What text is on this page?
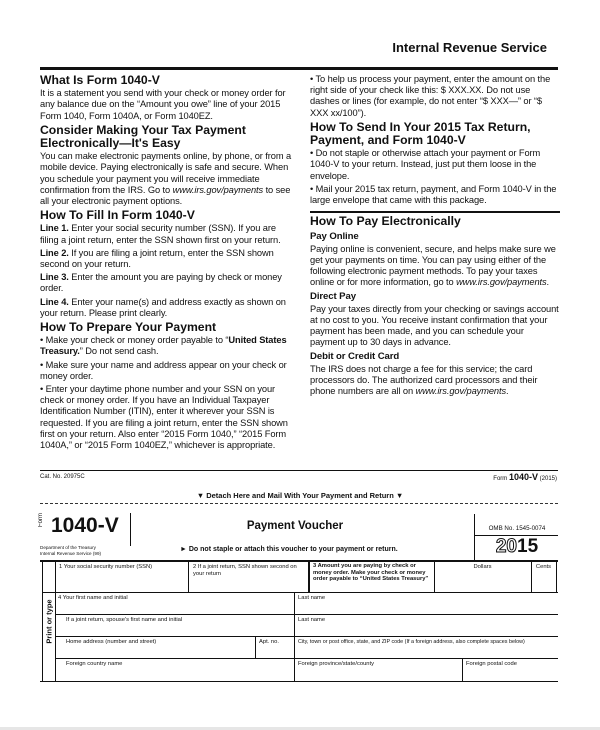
Internal Revenue Service
What Is Form 1040-V

It is a statement you send with your check or money order for any balance due on the “Amount you owe” line of your 2015 Form 1040, Form 1040A, or Form 1040EZ.

Consider Making Your Tax Payment Electronically—It's Easy

You can make electronic payments online, by phone, or from a mobile device. Paying electronically is safe and secure. When you schedule your payment you will receive immediate confirmation from the IRS. Go to www.irs.gov/payments to see all your electronic payment options.

How To Fill In Form 1040-V

Line 1. Enter your social security number (SSN). If you are filing a joint return, enter the SSN shown first on your return.

Line 2. If you are filing a joint return, enter the SSN shown second on your return.

Line 3. Enter the amount you are paying by check or money order.

Line 4. Enter your name(s) and address exactly as shown on your return. Please print clearly.

How To Prepare Your Payment

• Make your check or money order payable to “United States Treasury.” Do not send cash.

• Make sure your name and address appear on your check or money order.

• Enter your daytime phone number and your SSN on your check or money order. If you have an Individual Taxpayer Identification Number (ITIN), enter it wherever your SSN is requested. If you are filing a joint return, enter the SSN shown first on your return. Also enter “2015 Form 1040,” “2015 Form 1040A,” or “2015 Form 1040EZ,” whichever is appropriate.

• To help us process your payment, enter the amount on the right side of your check like this: $ XXX.XX. Do not use dashes or lines (for example, do not enter “$ XXX—” or “$ XXX xx/100”).

How To Send In Your 2015 Tax Return, Payment, and Form 1040-V

• Do not staple or otherwise attach your payment or Form 1040-V to your return. Instead, just put them loose in the envelope.

• Mail your 2015 tax return, payment, and Form 1040-V in the large envelope that came with this package.

How To Pay Electronically
Pay Online

Paying online is convenient, secure, and helps make sure we get your payments on time. You can pay using either of the following electronic payment methods. To pay your taxes online or for more information, go to www.irs.gov/payments.

Direct Pay

Pay your taxes directly from your checking or savings account at no cost to you. You receive instant confirmation that your payment has been made, and you can schedule your payment up to 30 days in advance.

Debit or Credit Card

The IRS does not charge a fee for this service; the card processors do. The authorized card processors and their phone numbers are all on www.irs.gov/payments.

Cat. No. 20975C	Form 1040-V (2015)
▼ Detach Here and Mail With Your Payment and Return ▼
Form 1040-V
Department of the Treasury
Internal Revenue Service (99)
Payment Voucher
► Do not staple or attach this voucher to your payment or return.
OMB No. 1545-0074
2015
1 Your social security number (SSN)	2 If a joint return, SSN shown second on your return
3 Amount you are paying by check or money order. Make your check or money order payable to “United States Treasury”
Dollars	Cents
Print or type
4 Your first name and initial	Last name
If a joint return, spouse's first name and initial	Last name
Home address (number and street)	Apt. no.	City, town or post office, state, and ZIP code (If a foreign address, also complete spaces below)
Foreign country name	Foreign province/state/county	Foreign postal code
